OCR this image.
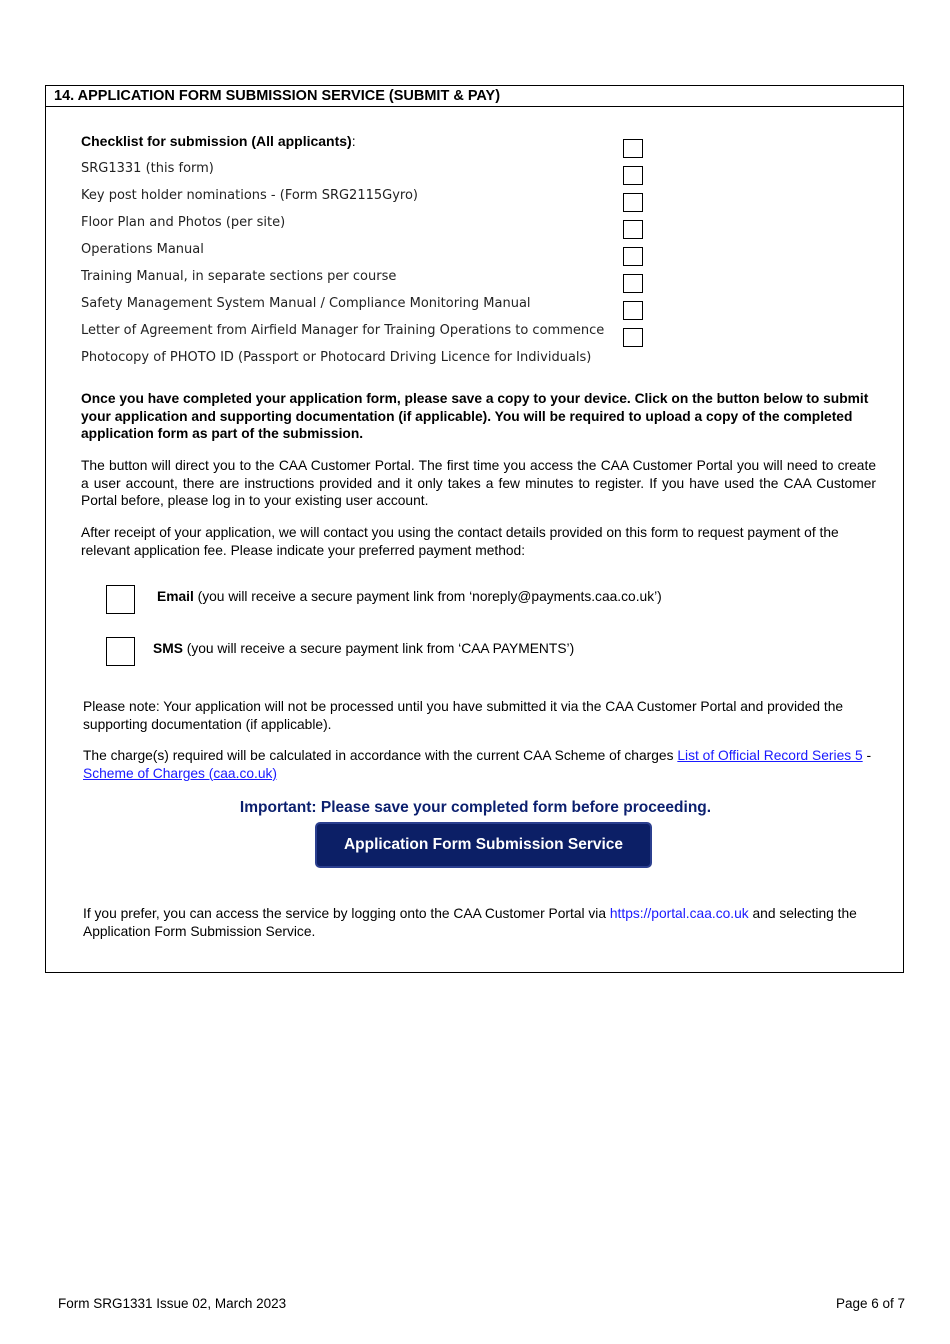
14. APPLICATION FORM SUBMISSION SERVICE (SUBMIT & PAY)
Checklist for submission (All applicants):
SRG1331 (this form)
Key post holder nominations - (Form SRG2115Gyro)
Floor Plan and Photos (per site)
Operations Manual
Training Manual, in separate sections per course
Safety Management System Manual / Compliance Monitoring Manual
Letter of Agreement from Airfield Manager for Training Operations to commence
Photocopy of PHOTO ID (Passport or Photocard Driving Licence for Individuals)
Once you have completed your application form, please save a copy to your device. Click on the button below to submit your application and supporting documentation (if applicable). You will be required to upload a copy of the completed application form as part of the submission.
The button will direct you to the CAA Customer Portal. The first time you access the CAA Customer Portal you will need to create a user account, there are instructions provided and it only takes a few minutes to register. If you have used the CAA Customer Portal before, please log in to your existing user account.
After receipt of your application, we will contact you using the contact details provided on this form to request payment of the relevant application fee. Please indicate your preferred payment method:
Email (you will receive a secure payment link from ‘noreply@payments.caa.co.uk’)
SMS (you will receive a secure payment link from ‘CAA PAYMENTS’)
Please note: Your application will not be processed until you have submitted it via the CAA Customer Portal and provided the supporting documentation (if applicable).
The charge(s) required will be calculated in accordance with the current CAA Scheme of charges List of Official Record Series 5 - Scheme of Charges (caa.co.uk)
Important: Please save your completed form before proceeding.
Application Form Submission Service
If you prefer, you can access the service by logging onto the CAA Customer Portal via https://portal.caa.co.uk and selecting the Application Form Submission Service.
Form SRG1331 Issue 02, March 2023	Page 6 of 7
